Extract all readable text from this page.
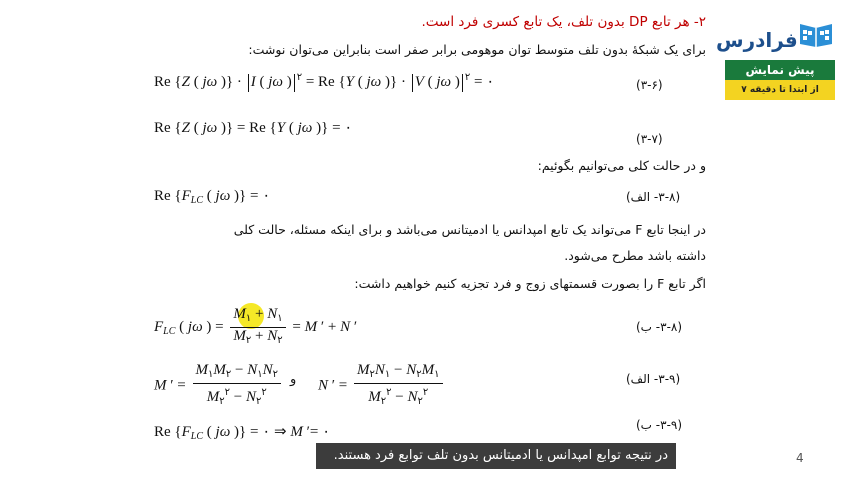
فرادرس
پیش نمایش
از ابتدا تا دقیقه ۷
۲- هر تابع DP بدون تلف، یک تابع کسری فرد است.
برای یک شبکهٔ بدون تلف متوسط توان موهومی برابر صفر است بنابراین می‌توان نوشت:
Re {Z ( jω )} · I ( jω ) $^۲$ = Re {Y ( jω )} · V ( jω ) $^۲$ = ۰	(۳-۶)
Re {Z ( jω )} = Re {Y ( jω )} = ۰
(۳-۷)
و در حالت کلی می‌توانیم بگوئیم:
Re {$F_{LC}$ ( jω )} = ۰	(۳-۸- الف)
در اینجا تابع F می‌تواند یک تابع امپدانس یا ادمیتانس می‌باشد و برای اینکه مسئله، حالت کلی
داشته باشد مطرح می‌شود.
اگر تابع F را بصورت قسمتهای زوج و فرد تجزیه کنیم خواهیم داشت:
$F_{LC}$ ( jω ) = $\frac{M_۱ + N_۱}{M_۲ + N_۲} = M$ ′ + N ′	(۳-۸- ب)
M ′ = $\frac{M_۱M_۲ - N_۱N_۲}{M_۲^۲ - N_۲^۲}$ و N ′ = $\frac{M_۲N_۱ - N_۲M_۱}{M_۲^۲ - N_۲^۲}$	(۳-۹- الف)
Re {$F_{LC}$ ( jω )} = ۰ ⇒ M ′= ۰	(۳-۹- ب)
در نتیجه توابع امپدانس یا ادمیتانس بدون تلف توابع فرد هستند.	4
